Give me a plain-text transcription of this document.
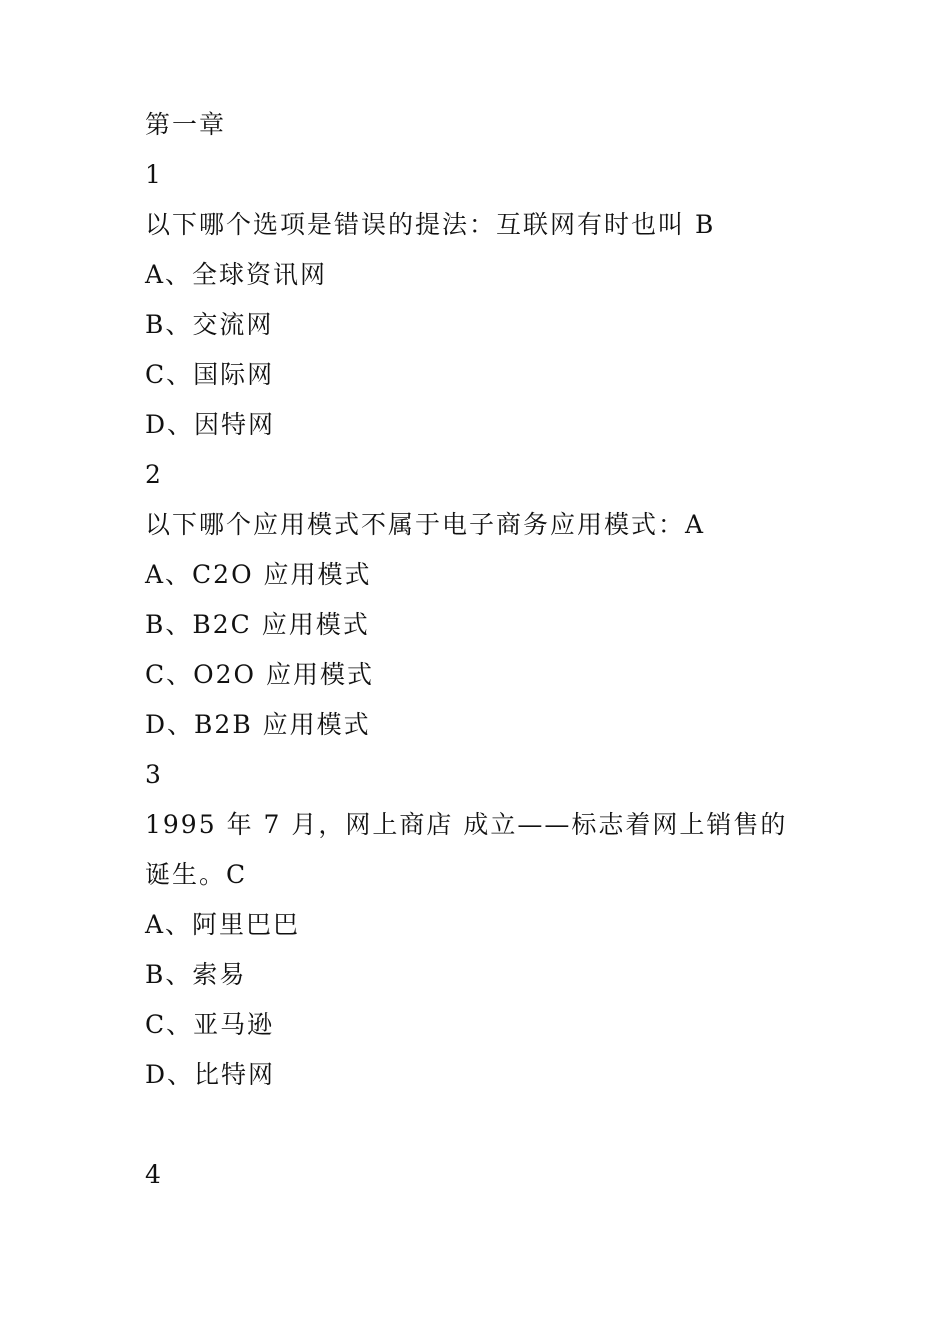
第一章
1
以下哪个选项是错误的提法：互联网有时也叫 B
A、全球资讯网
B、交流网
C、国际网
D、因特网
2
以下哪个应用模式不属于电子商务应用模式：A
A、C2O 应用模式
B、B2C 应用模式
C、O2O 应用模式
D、B2B 应用模式
3
1995 年 7 月，网上商店 成立——标志着网上销售的
诞生。C
A、阿里巴巴
B、索易
C、亚马逊
D、比特网
4
